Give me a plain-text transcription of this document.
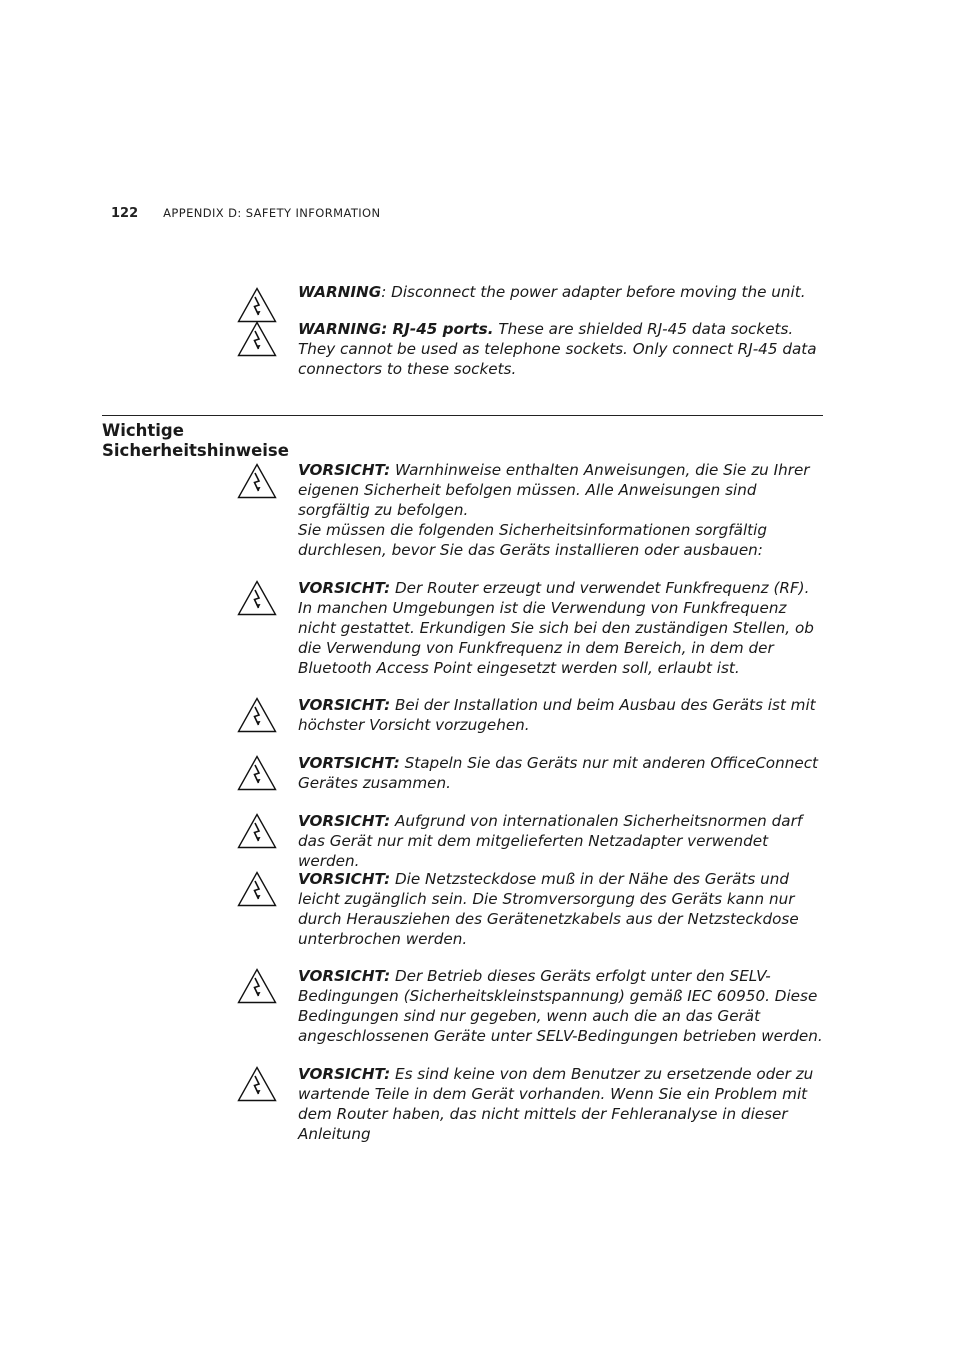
122 APPENDIX D: SAFETY INFORMATION
WARNING: Disconnect the power adapter before moving the unit.
WARNING: RJ-45 ports. These are shielded RJ-45 data sockets. They cannot be used as telephone sockets. Only connect RJ-45 data connectors to these sockets.
Wichtige
Sicherheitshinweise
VORSICHT: Warnhinweise enthalten Anweisungen, die Sie zu Ihrer eigenen Sicherheit befolgen müssen. Alle Anweisungen sind sorgfältig zu befolgen.
Sie müssen die folgenden Sicherheitsinformationen sorgfältig durchlesen, bevor Sie das Geräts installieren oder ausbauen:
VORSICHT: Der Router erzeugt und verwendet Funkfrequenz (RF). In manchen Umgebungen ist die Verwendung von Funkfrequenz nicht gestattet. Erkundigen Sie sich bei den zuständigen Stellen, ob die Verwendung von Funkfrequenz in dem Bereich, in dem der Bluetooth Access Point eingesetzt werden soll, erlaubt ist.
VORSICHT: Bei der Installation und beim Ausbau des Geräts ist mit höchster Vorsicht vorzugehen.
VORTSICHT: Stapeln Sie das Geräts nur mit anderen OfficeConnect Gerätes zusammen.
VORSICHT: Aufgrund von internationalen Sicherheitsnormen darf das Gerät nur mit dem mitgelieferten Netzadapter verwendet werden.
VORSICHT: Die Netzsteckdose muß in der Nähe des Geräts und leicht zugänglich sein. Die Stromversorgung des Geräts kann nur durch Herausziehen des Gerätenetzkabels aus der Netzsteckdose unterbrochen werden.
VORSICHT: Der Betrieb dieses Geräts erfolgt unter den SELV-Bedingungen (Sicherheitskleinstspannung) gemäß IEC 60950. Diese Bedingungen sind nur gegeben, wenn auch die an das Gerät angeschlossenen Geräte unter SELV-Bedingungen betrieben werden.
VORSICHT: Es sind keine von dem Benutzer zu ersetzende oder zu wartende Teile in dem Gerät vorhanden. Wenn Sie ein Problem mit dem Router haben, das nicht mittels der Fehleranalyse in dieser Anleitung
